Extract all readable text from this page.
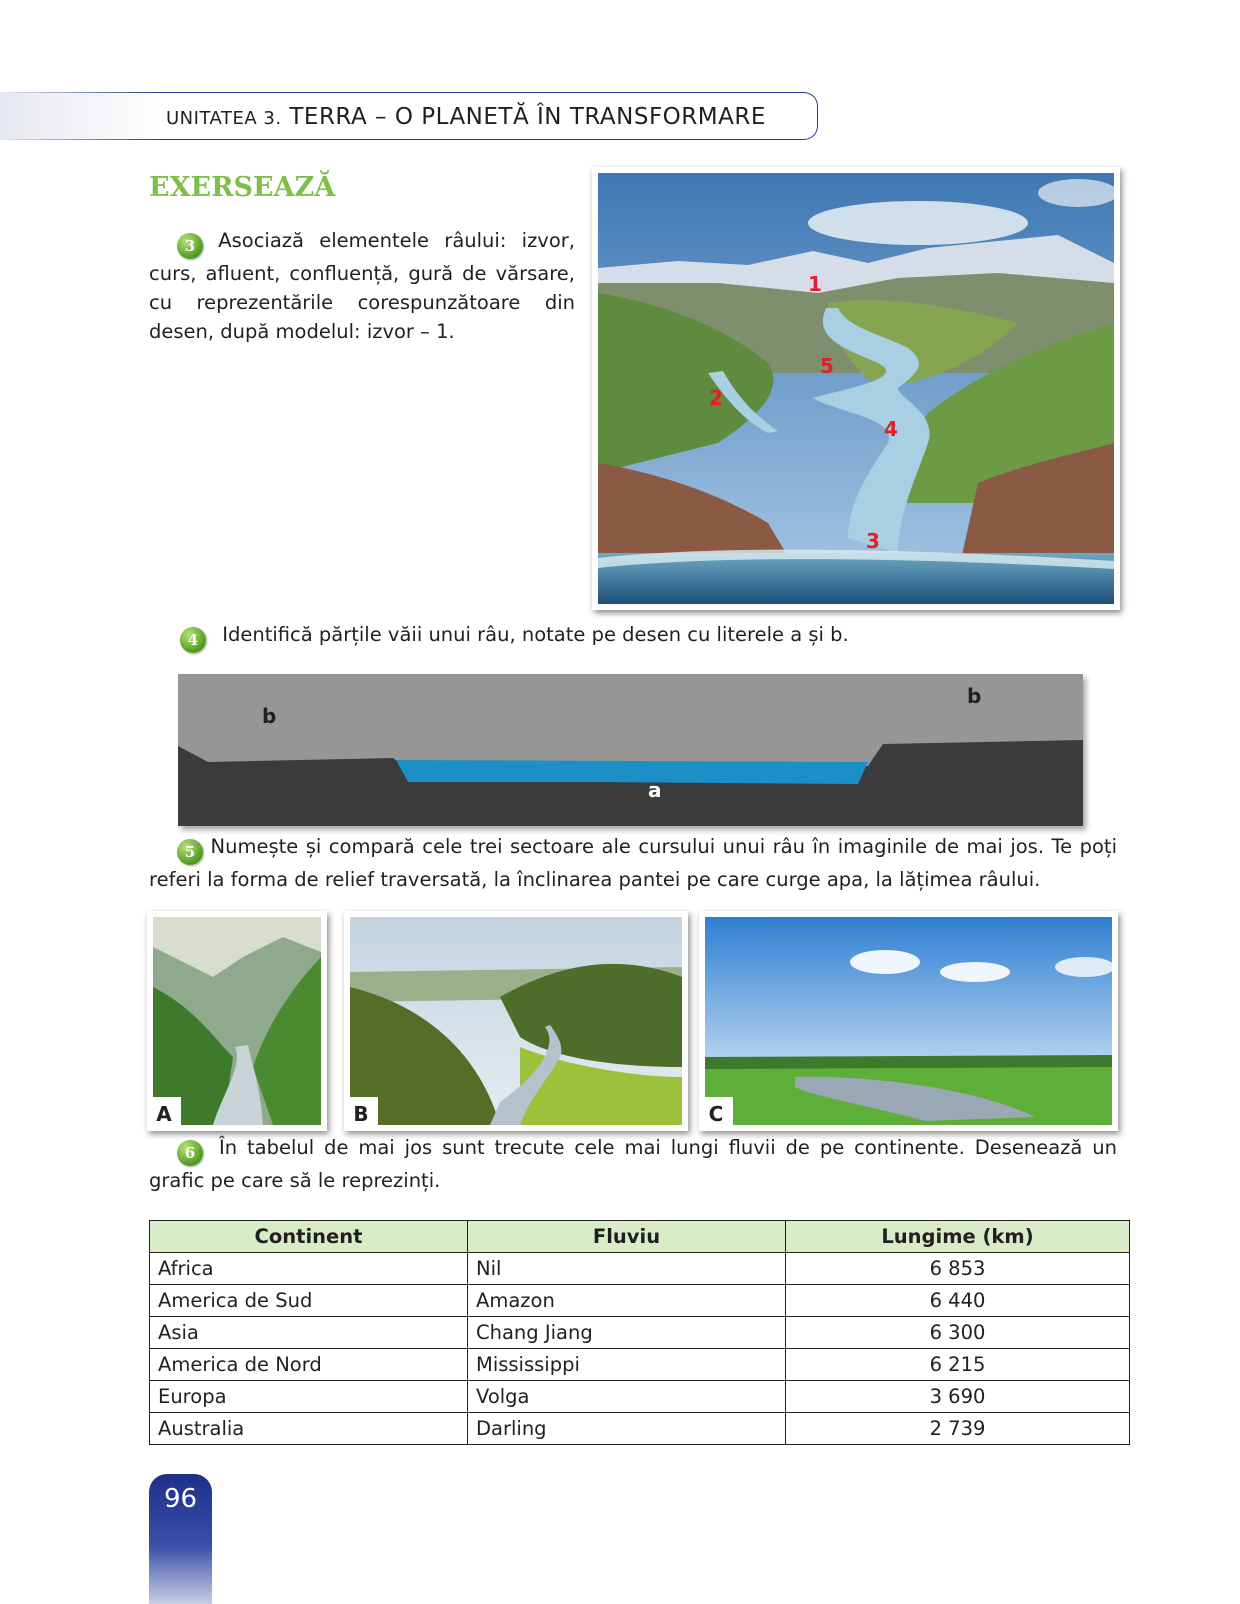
UNITATEA 3. TERRA – O PLANETĂ ÎN TRANSFORMARE
EXERSEAZĂ
3 Asociază elementele râului: izvor, curs, afluent, confluență, gură de vărsare, cu reprezentările corespunzătoare din desen, după modelul: izvor – 1.
1
2
3
4
5
4 Identifică părțile văii unui râu, notate pe desen cu literele a și b.
b
b
a
5 Numește și compară cele trei sectoare ale cursului unui râu în imaginile de mai jos. Te poți referi la forma de relief traversată, la înclinarea pantei pe care curge apa, la lățimea râului.
A	B	C
6 În tabelul de mai jos sunt trecute cele mai lungi fluvii de pe continente. Desenează un grafic pe care să le reprezinți.
Continent	Fluviu	Lungime (km)
Africa	Nil	6 853
America de Sud	Amazon	6 440
Asia	Chang Jiang	6 300
America de Nord	Mississippi	6 215
Europa	Volga	3 690
Australia	Darling	2 739
96
